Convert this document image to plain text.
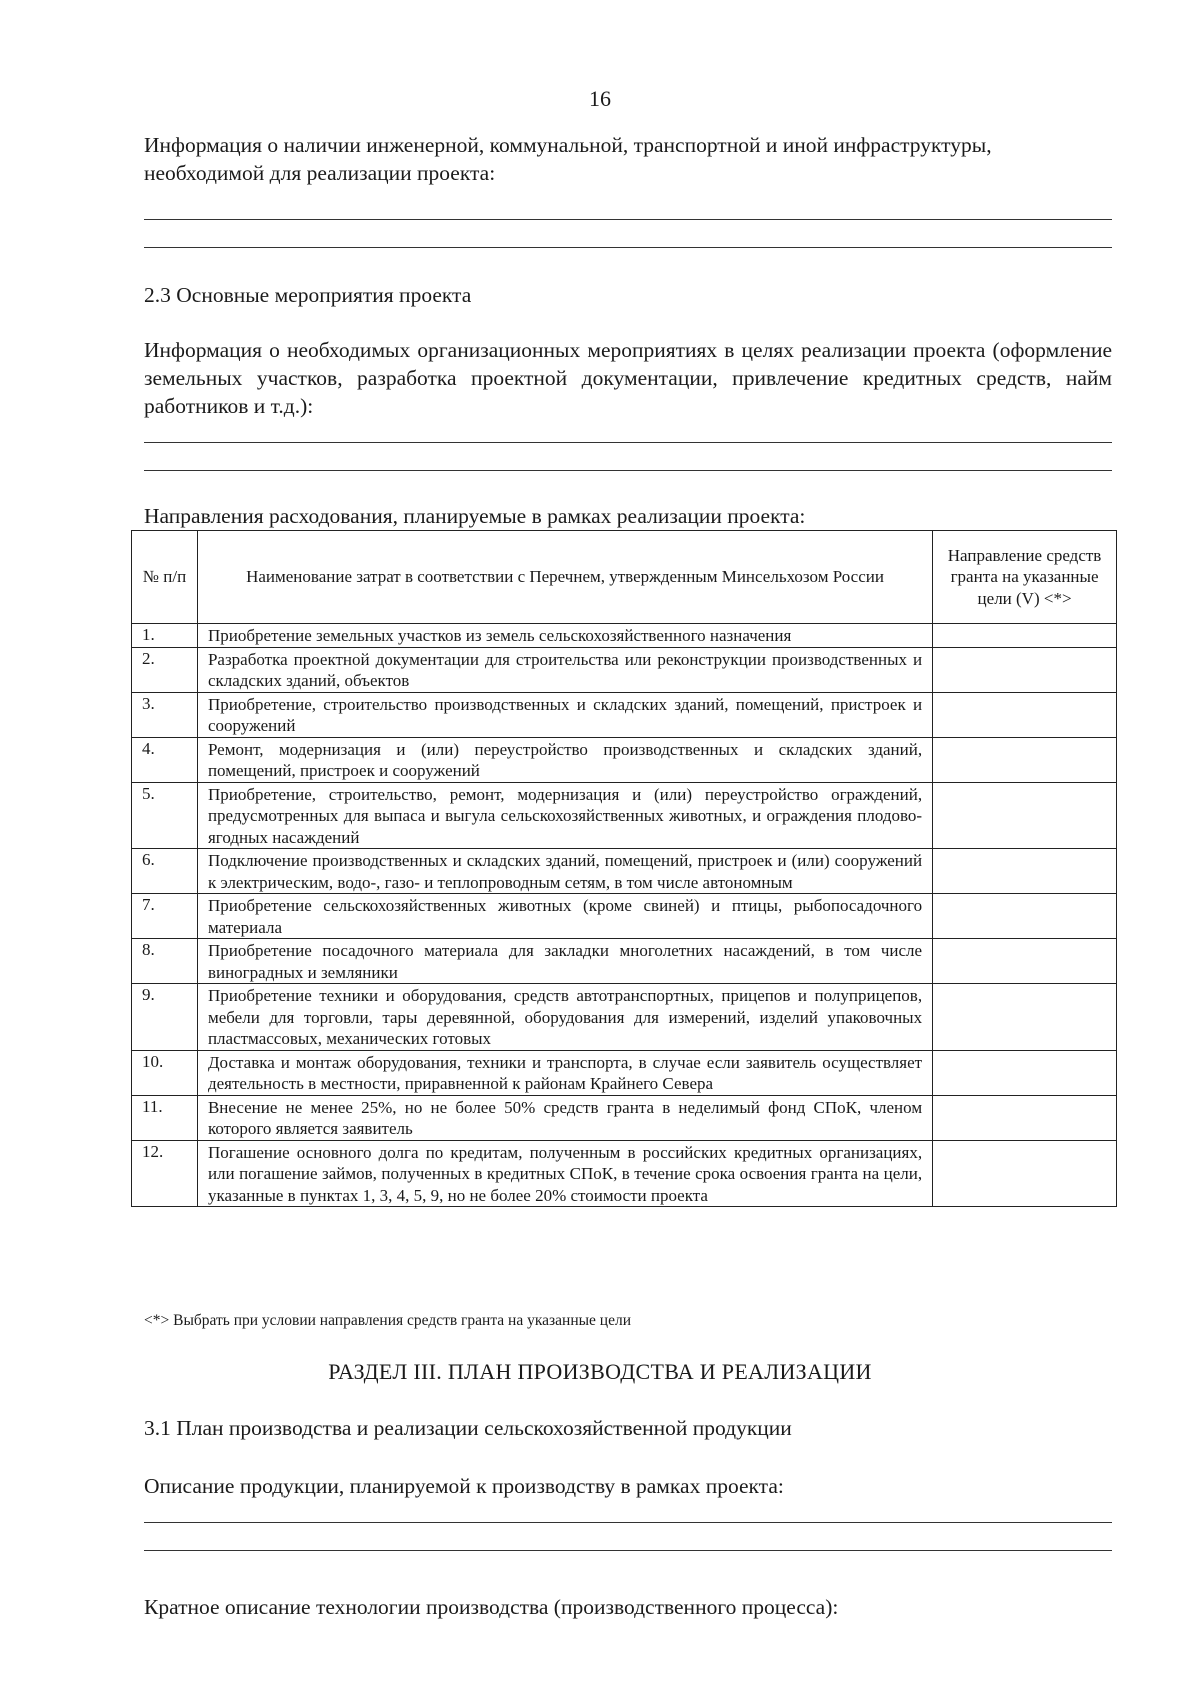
16
Информация о наличии инженерной, коммунальной, транспортной и иной инфраструктуры, необходимой для реализации проекта:
2.3 Основные мероприятия проекта
Информация о необходимых организационных мероприятиях в целях реализации проекта (оформление земельных участков, разработка проектной документации, привлечение кредитных средств, найм работников и т.д.):
Направления расходования, планируемые в рамках реализации проекта:
№ п/п	Наименование затрат в соответствии с Перечнем, утвержденным Минсельхозом России	Направление средств гранта на указанные цели (V) <*>
1.	Приобретение земельных участков из земель сельскохозяйственного назначения	
2.	Разработка проектной документации для строительства или реконструкции производственных и складских зданий, объектов	
3.	Приобретение, строительство производственных и складских зданий, помещений, пристроек и сооружений	
4.	Ремонт, модернизация и (или) переустройство производственных и складских зданий, помещений, пристроек и сооружений	
5.	Приобретение, строительство, ремонт, модернизация и (или) переустройство ограждений, предусмотренных для выпаса и выгула сельскохозяйственных животных, и ограждения плодово-ягодных насаждений	
6.	Подключение производственных и складских зданий, помещений, пристроек и (или) сооружений к электрическим, водо-, газо- и теплопроводным сетям, в том числе автономным	
7.	Приобретение сельскохозяйственных животных (кроме свиней) и птицы, рыбопосадочного материала	
8.	Приобретение посадочного материала для закладки многолетних насаждений, в том числе виноградных и земляники	
9.	Приобретение техники и оборудования, средств автотранспортных, прицепов и полуприцепов, мебели для торговли, тары деревянной, оборудования для измерений, изделий упаковочных пластмассовых, механических готовых	
10.	Доставка и монтаж оборудования, техники и транспорта, в случае если заявитель осуществляет деятельность в местности, приравненной к районам Крайнего Севера	
11.	Внесение не менее 25%, но не более 50% средств гранта в неделимый фонд СПоК, членом которого является заявитель	
12.	Погашение основного долга по кредитам, полученным в российских кредитных организациях, или погашение займов, полученных в кредитных СПоК, в течение срока освоения гранта на цели, указанные в пунктах 1, 3, 4, 5, 9, но не более 20% стоимости проекта	
<*> Выбрать при условии направления средств гранта на указанные цели
РАЗДЕЛ III. ПЛАН ПРОИЗВОДСТВА И РЕАЛИЗАЦИИ
3.1 План производства и реализации сельскохозяйственной продукции
Описание продукции, планируемой к производству в рамках проекта:
Кратное описание технологии производства (производственного процесса):
